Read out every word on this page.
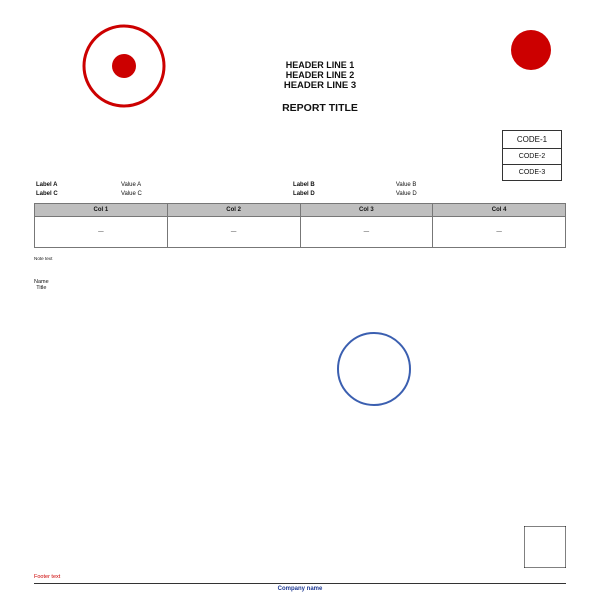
HEADER LINE 1
HEADER LINE 2
HEADER LINE 3
REPORT TITLE
CODE-1
CODE-2
CODE-3
Label A	Value A	Label B	Value B
Label C	Value C	Label D	Value D
Col 1	Col 2	Col 3	Col 4
—	—	—	—

Note text

Name
Title
Footer text
Company name
